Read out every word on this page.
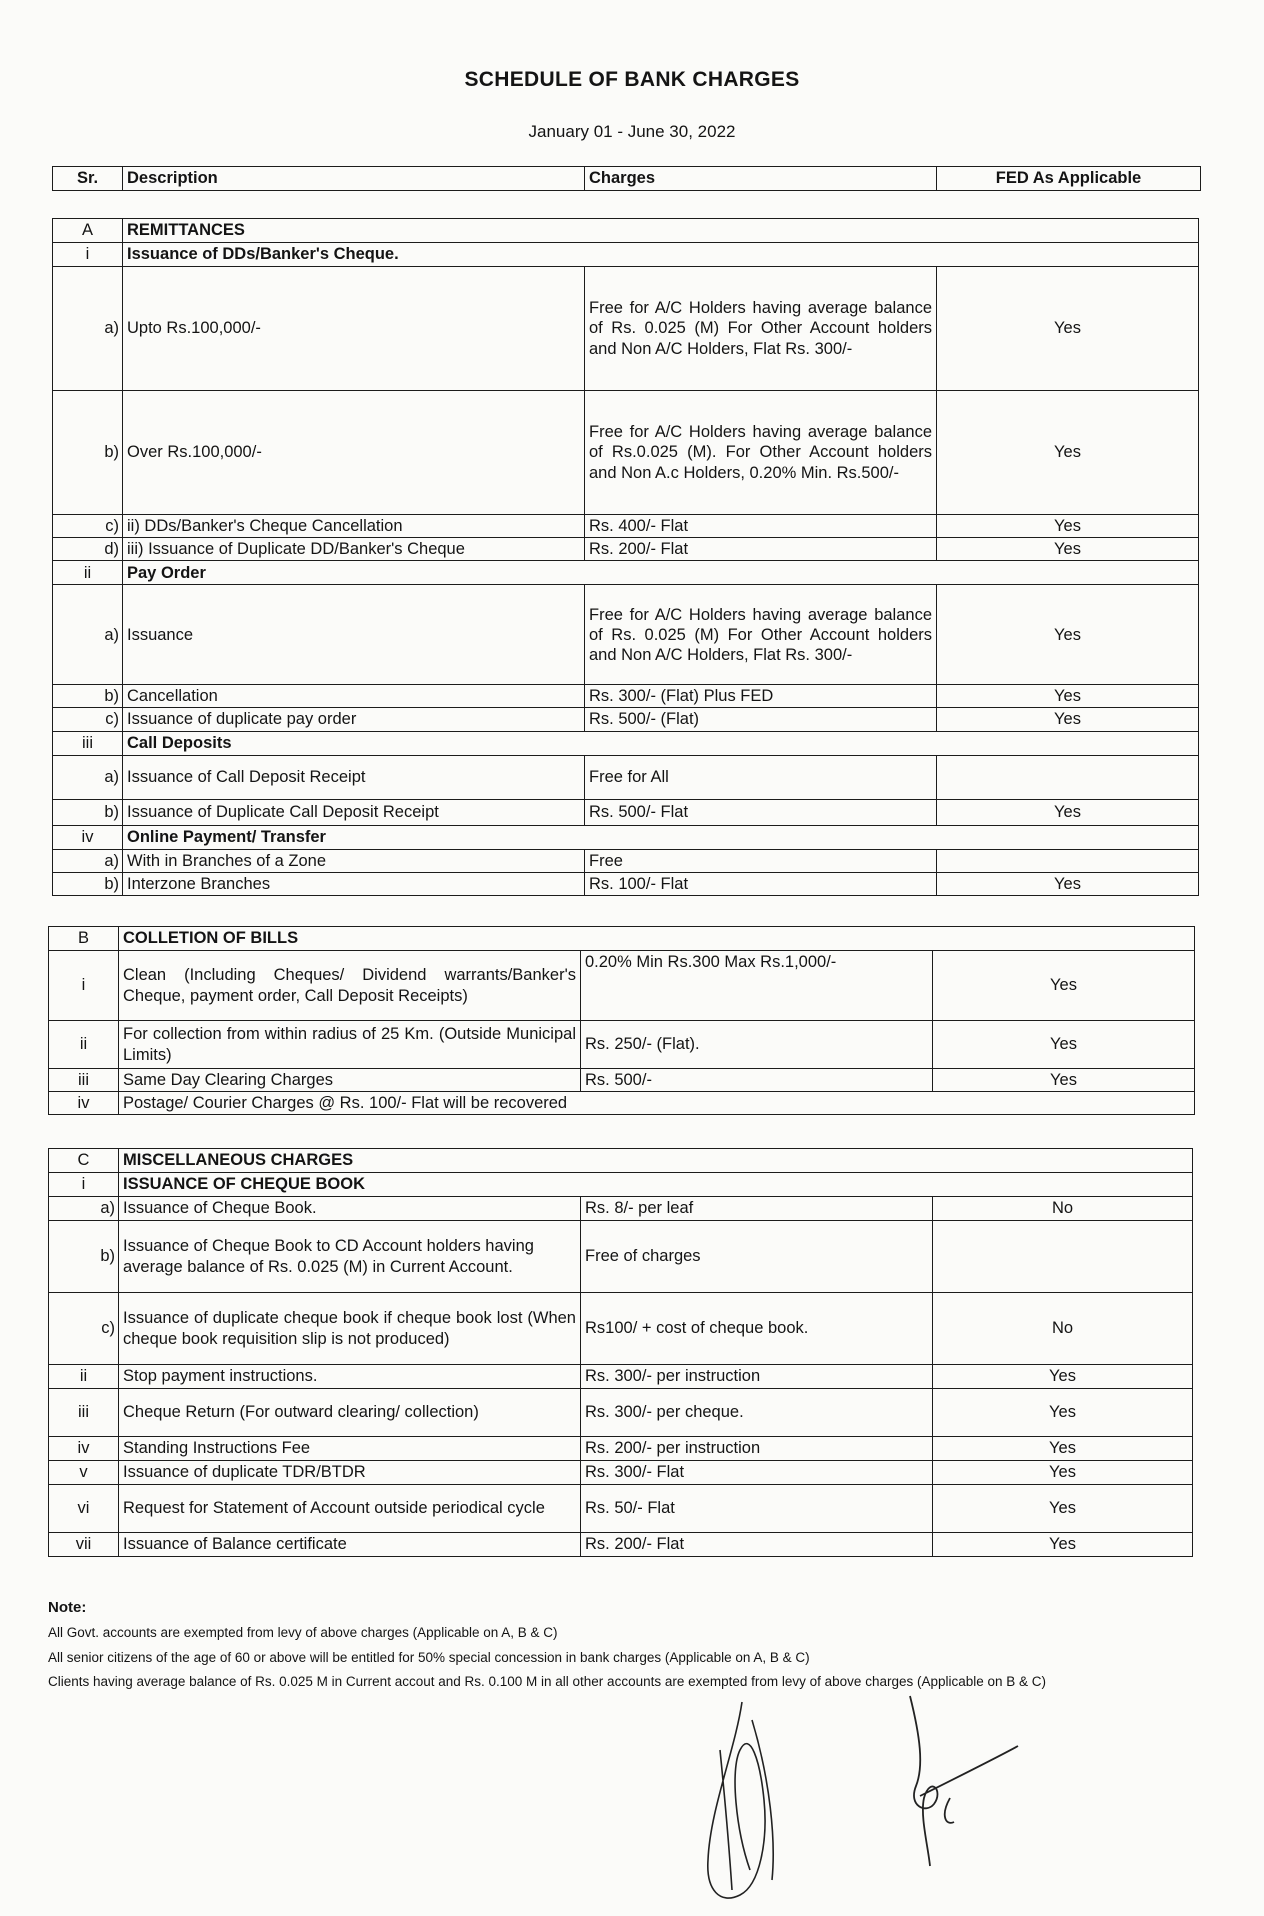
SCHEDULE OF BANK CHARGES
January 01 - June 30, 2022
Sr.	Description	Charges	FED As Applicable
A	REMITTANCES		
i	Issuance of DDs/Banker's Cheque.		
a)	Upto Rs.100,000/-	Free for A/C Holders having average balance of Rs. 0.025 (M) For Other Account holders and Non A/C Holders, Flat Rs. 300/-	Yes
b)	Over Rs.100,000/-	Free for A/C Holders having average balance of Rs.0.025 (M). For Other Account holders and Non A.c Holders, 0.20% Min. Rs.500/-	Yes
c)	ii) DDs/Banker's Cheque Cancellation	Rs. 400/- Flat	Yes
d)	iii) Issuance of Duplicate DD/Banker's Cheque	Rs. 200/- Flat	Yes
ii	Pay Order		
a)	Issuance	Free for A/C Holders having average balance of Rs. 0.025 (M) For Other Account holders and Non A/C Holders, Flat Rs. 300/-	Yes
b)	Cancellation	Rs. 300/- (Flat) Plus FED	Yes
c)	Issuance of duplicate pay order	Rs. 500/- (Flat)	Yes
iii	Call Deposits		
a)	Issuance of Call Deposit Receipt	Free for All	
b)	Issuance of Duplicate Call Deposit Receipt	Rs. 500/- Flat	Yes
iv	Online Payment/ Transfer		
a)	With in Branches of a Zone	Free	
b)	Interzone Branches	Rs. 100/- Flat	Yes
B	COLLETION OF BILLS		
i	Clean (Including Cheques/ Dividend warrants/Banker's Cheque, payment order, Call Deposit Receipts)	0.20% Min Rs.300 Max Rs.1,000/-	Yes
ii	For collection from within radius of 25 Km. (Outside Municipal Limits)	Rs. 250/- (Flat).	Yes
iii	Same Day Clearing Charges	Rs. 500/-	Yes
iv	Postage/ Courier Charges @ Rs. 100/- Flat will be recovered		
C	MISCELLANEOUS CHARGES		
i	ISSUANCE OF CHEQUE BOOK		
a)	Issuance of Cheque Book.	Rs. 8/- per leaf	No
b)	Issuance of Cheque Book to CD Account holders having average balance of Rs. 0.025 (M) in Current Account.	Free of charges	
c)	Issuance of duplicate cheque book if cheque book lost (When cheque book requisition slip is not produced)	Rs100/ + cost of cheque book.	No
ii	Stop payment instructions.	Rs. 300/- per instruction	Yes
iii	Cheque Return (For outward clearing/ collection)	Rs. 300/- per cheque.	Yes
iv	Standing Instructions Fee	Rs. 200/- per instruction	Yes
v	Issuance of duplicate TDR/BTDR	Rs. 300/- Flat	Yes
vi	Request for Statement of Account outside periodical cycle	Rs. 50/- Flat	Yes
vii	Issuance of Balance certificate	Rs. 200/- Flat	Yes
Note:
All Govt. accounts are exempted from levy of above charges (Applicable on A, B & C)
All senior citizens of the age of 60 or above will be entitled for 50% special concession in bank charges (Applicable on A, B & C)
Clients having average balance of Rs. 0.025 M in Current accout and Rs. 0.100 M in all other accounts are exempted from levy of above charges (Applicable on B & C)
